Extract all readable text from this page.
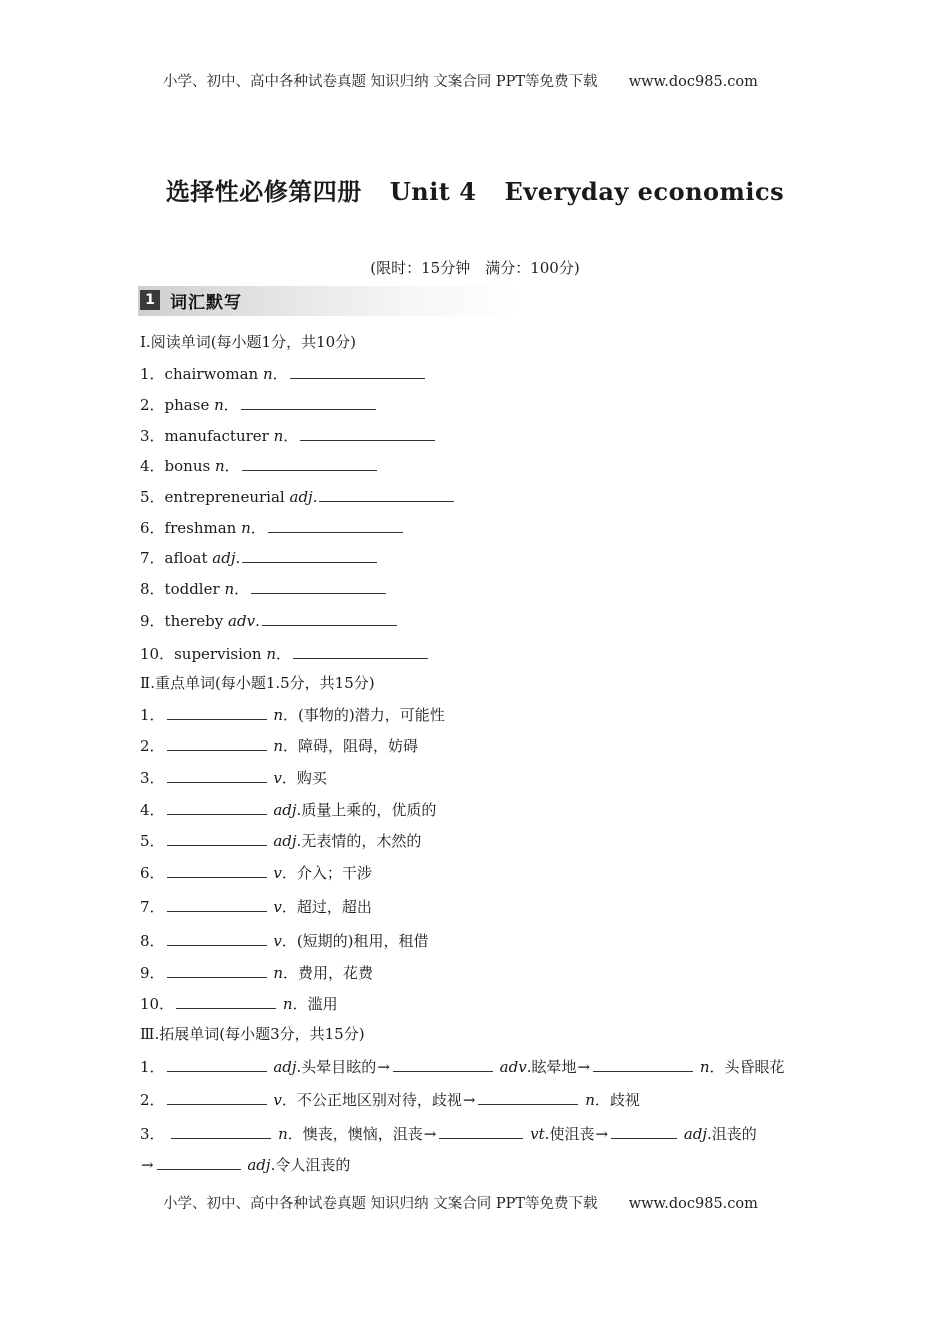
小学、初中、高中各种试卷真题 知识归纳 文案合同 PPT等免费下载 www.doc985.com
选择性必修第四册 Unit 4 Everyday economics
(限时：15分钟　满分：100分)
1 词汇默写
Ⅰ.阅读单词(每小题1分，共10分)
1．chairwoman n．
2．phase n．
3．manufacturer n．
4．bonus n．
5．entrepreneurial adj.
6．freshman n．
7．afloat adj.
8．toddler n．
9．thereby adv.
10．supervision n．
Ⅱ.重点单词(每小题1.5分，共15分)
1．	n．(事物的)潜力，可能性
2．	n．障碍，阻碍，妨碍
3．	v．购买
4．	adj.质量上乘的，优质的
5．	adj.无表情的，木然的
6．	v．介入；干涉
7．	v．超过，超出
8．	v．(短期的)租用，租借
9．	n．费用，花费
10．	n．滥用
Ⅲ.拓展单词(每小题3分，共15分)
1．	adj.头晕目眩的→	adv.眩晕地→	n．头昏眼花
2．	v．不公正地区别对待，歧视→	n．歧视
3．	n．懊丧，懊恼，沮丧→	vt.使沮丧→	adj.沮丧的
→	adj.令人沮丧的
小学、初中、高中各种试卷真题 知识归纳 文案合同 PPT等免费下载 www.doc985.com
